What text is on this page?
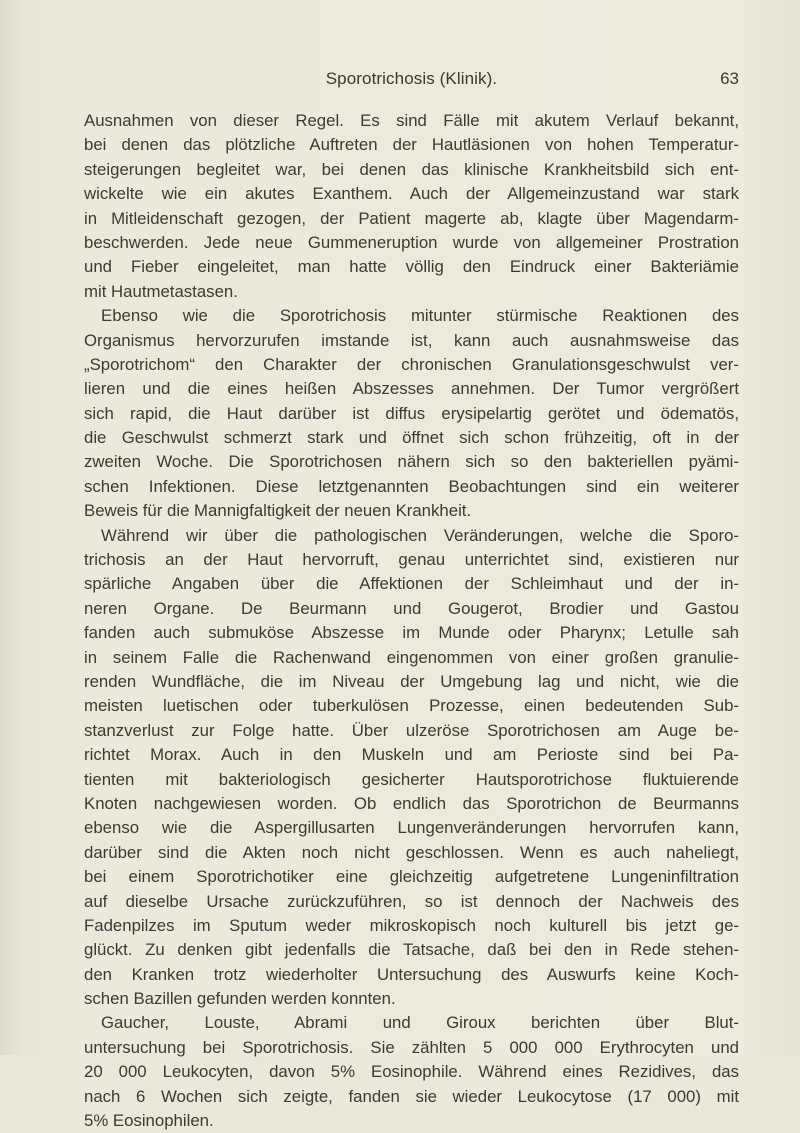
Sporotrichosis (Klinik).	63
Ausnahmen von dieser Regel. Es sind Fälle mit akutem Verlauf bekannt,
bei denen das plötzliche Auftreten der Hautläsionen von hohen Temperatur-
steigerungen begleitet war, bei denen das klinische Krankheitsbild sich ent-
wickelte wie ein akutes Exanthem. Auch der Allgemeinzustand war stark
in Mitleidenschaft gezogen, der Patient magerte ab, klagte über Magendarm-
beschwerden. Jede neue Gummeneruption wurde von allgemeiner Prostration
und Fieber eingeleitet, man hatte völlig den Eindruck einer Bakteriämie
mit Hautmetastasen.
Ebenso wie die Sporotrichosis mitunter stürmische Reaktionen des
Organismus hervorzurufen imstande ist, kann auch ausnahmsweise das
„Sporotrichom“ den Charakter der chronischen Granulationsgeschwulst ver-
lieren und die eines heißen Abszesses annehmen. Der Tumor vergrößert
sich rapid, die Haut darüber ist diffus erysipelartig gerötet und ödematös,
die Geschwulst schmerzt stark und öffnet sich schon frühzeitig, oft in der
zweiten Woche. Die Sporotrichosen nähern sich so den bakteriellen pyämi-
schen Infektionen. Diese letztgenannten Beobachtungen sind ein weiterer
Beweis für die Mannigfaltigkeit der neuen Krankheit.
Während wir über die pathologischen Veränderungen, welche die Sporo-
trichosis an der Haut hervorruft, genau unterrichtet sind, existieren nur
spärliche Angaben über die Affektionen der Schleimhaut und der in-
neren Organe. De Beurmann und Gougerot, Brodier und Gastou
fanden auch submuköse Abszesse im Munde oder Pharynx; Letulle sah
in seinem Falle die Rachenwand eingenommen von einer großen granulie-
renden Wundfläche, die im Niveau der Umgebung lag und nicht, wie die
meisten luetischen oder tuberkulösen Prozesse, einen bedeutenden Sub-
stanzverlust zur Folge hatte. Über ulzeröse Sporotrichosen am Auge be-
richtet Morax. Auch in den Muskeln und am Perioste sind bei Pa-
tienten mit bakteriologisch gesicherter Hautsporotrichose fluktuierende
Knoten nachgewiesen worden. Ob endlich das Sporotrichon de Beurmanns
ebenso wie die Aspergillusarten Lungenveränderungen hervorrufen kann,
darüber sind die Akten noch nicht geschlossen. Wenn es auch naheliegt,
bei einem Sporotrichotiker eine gleichzeitig aufgetretene Lungeninfiltration
auf dieselbe Ursache zurückzuführen, so ist dennoch der Nachweis des
Fadenpilzes im Sputum weder mikroskopisch noch kulturell bis jetzt ge-
glückt. Zu denken gibt jedenfalls die Tatsache, daß bei den in Rede stehen-
den Kranken trotz wiederholter Untersuchung des Auswurfs keine Koch-
schen Bazillen gefunden werden konnten.
Gaucher, Louste, Abrami und Giroux berichten über Blut-
untersuchung bei Sporotrichosis. Sie zählten 5 000 000 Erythrocyten und
20 000 Leukocyten, davon 5% Eosinophile. Während eines Rezidives, das
nach 6 Wochen sich zeigte, fanden sie wieder Leukocytose (17 000) mit
5% Eosinophilen.
